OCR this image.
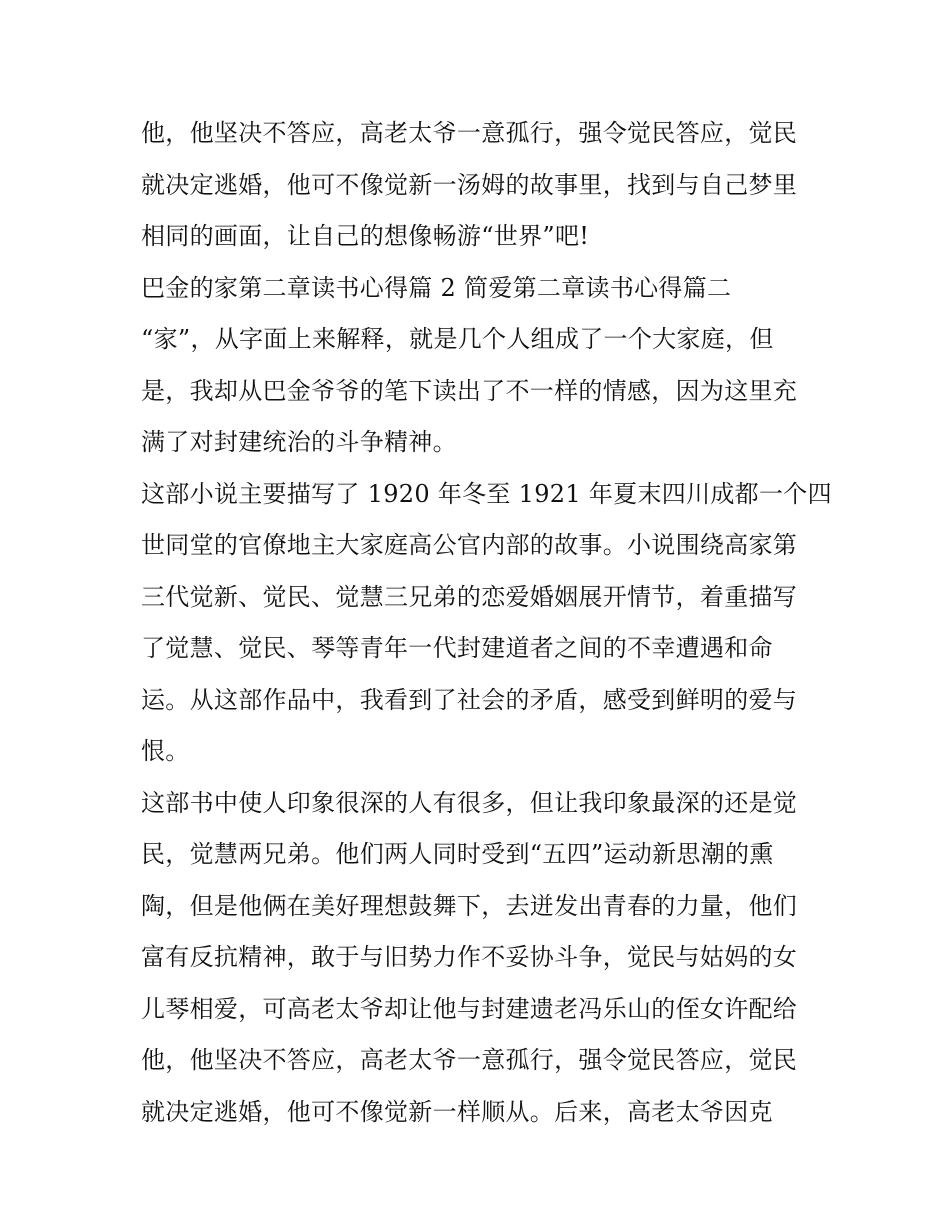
他，他坚决不答应，高老太爷一意孤行，强令觉民答应，觉民
就决定逃婚，他可不像觉新一汤姆的故事里，找到与自己梦里
相同的画面，让自己的想像畅游“世界”吧!
巴金的家第二章读书心得篇 2 简爱第二章读书心得篇二
“家”，从字面上来解释，就是几个人组成了一个大家庭，但
是，我却从巴金爷爷的笔下读出了不一样的情感，因为这里充
满了对封建统治的斗争精神。
这部小说主要描写了 1920 年冬至 1921 年夏末四川成都一个四
世同堂的官僚地主大家庭高公官内部的故事。小说围绕高家第
三代觉新、觉民、觉慧三兄弟的恋爱婚姻展开情节，着重描写
了觉慧、觉民、琴等青年一代封建道者之间的不幸遭遇和命
运。从这部作品中，我看到了社会的矛盾，感受到鲜明的爱与
恨。
这部书中使人印象很深的人有很多，但让我印象最深的还是觉
民，觉慧两兄弟。他们两人同时受到“五四”运动新思潮的熏
陶，但是他俩在美好理想鼓舞下，去迸发出青春的力量，他们
富有反抗精神，敢于与旧势力作不妥协斗争，觉民与姑妈的女
儿琴相爱，可高老太爷却让他与封建遗老冯乐山的侄女许配给
他，他坚决不答应，高老太爷一意孤行，强令觉民答应，觉民
就决定逃婚，他可不像觉新一样顺从。后来，高老太爷因克
